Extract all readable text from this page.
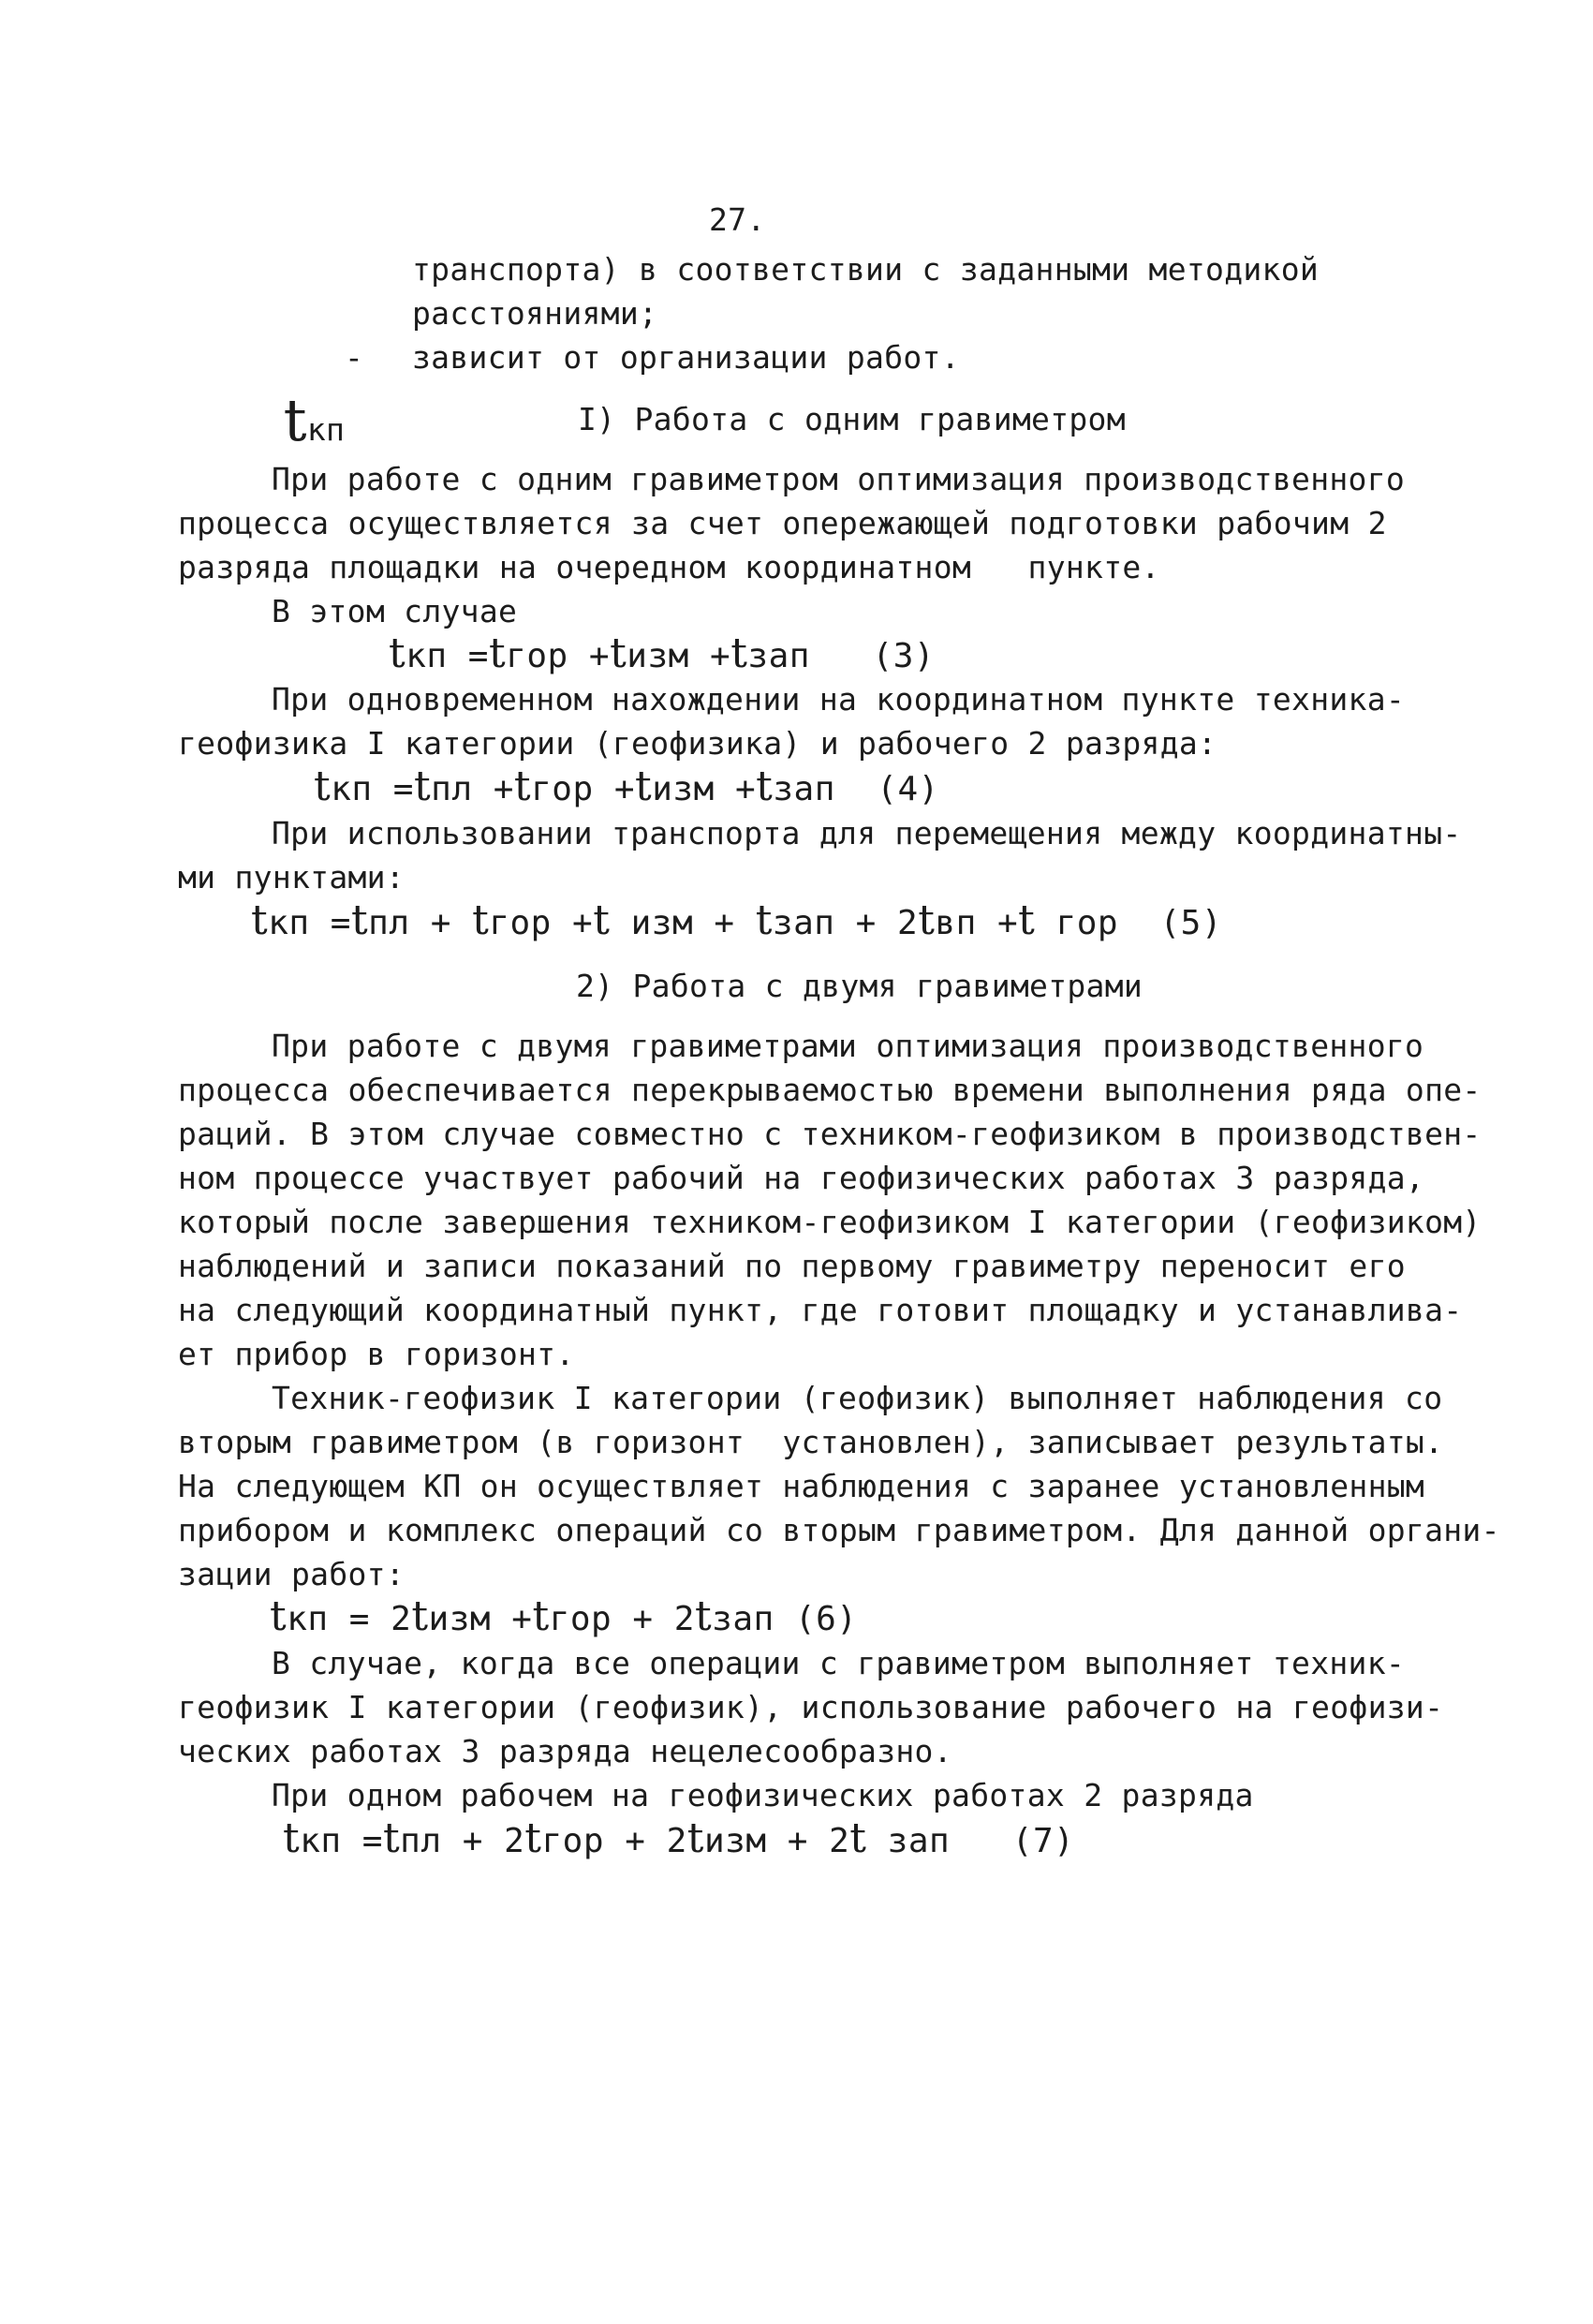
27.
транспорта) в соответствии с заданными методикой
расстояниями;

tкп

- зависит от организации работ.
I) Работа с одним гравиметром
При работе с одним гравиметром оптимизация производственного
процесса осуществляется за счет опережающей подготовки рабочим 2
разряда площадки на очередном координатном   пункте.
В этом случае
tкп =tгор +tизм +tзап (3)
При одновременном нахождении на координатном пункте техника-
геофизика I категории (геофизика) и рабочего 2 разряда:
tкп =tпл +tгор +tизм +tзап (4)
При использовании транспорта для перемещения между координатны-
ми пунктами:
tкп =tпл + tгор +t изм + tзап + 2tвп +t гор (5)
2) Работа с двумя гравиметрами
При работе с двумя гравиметрами оптимизация производственного
процесса обеспечивается перекрываемостью времени выполнения ряда опе-
раций. В этом случае совместно с техником-геофизиком в производствен-
ном процессе участвует рабочий на геофизических работах 3 разряда,
который после завершения техником-геофизиком I категории (геофизиком)
наблюдений и записи показаний по первому гравиметру переносит его
на следующий координатный пункт, где готовит площадку и устанавлива-
ет прибор в горизонт.
Техник-геофизик I категории (геофизик) выполняет наблюдения со
вторым гравиметром (в горизонт  установлен), записывает результаты.
На следующем КП он осуществляет наблюдения с заранее установленным
прибором и комплекс операций со вторым гравиметром. Для данной органи-
зации работ:
tкп = 2tизм +tгор + 2tзап (6)
В случае, когда все операции с гравиметром выполняет техник-
геофизик I категории (геофизик), использование рабочего на геофизи-
ческих работах 3 разряда нецелесообразно.
При одном рабочем на геофизических работах 2 разряда
tкп =tпл + 2tгор + 2tизм + 2t зап (7)
